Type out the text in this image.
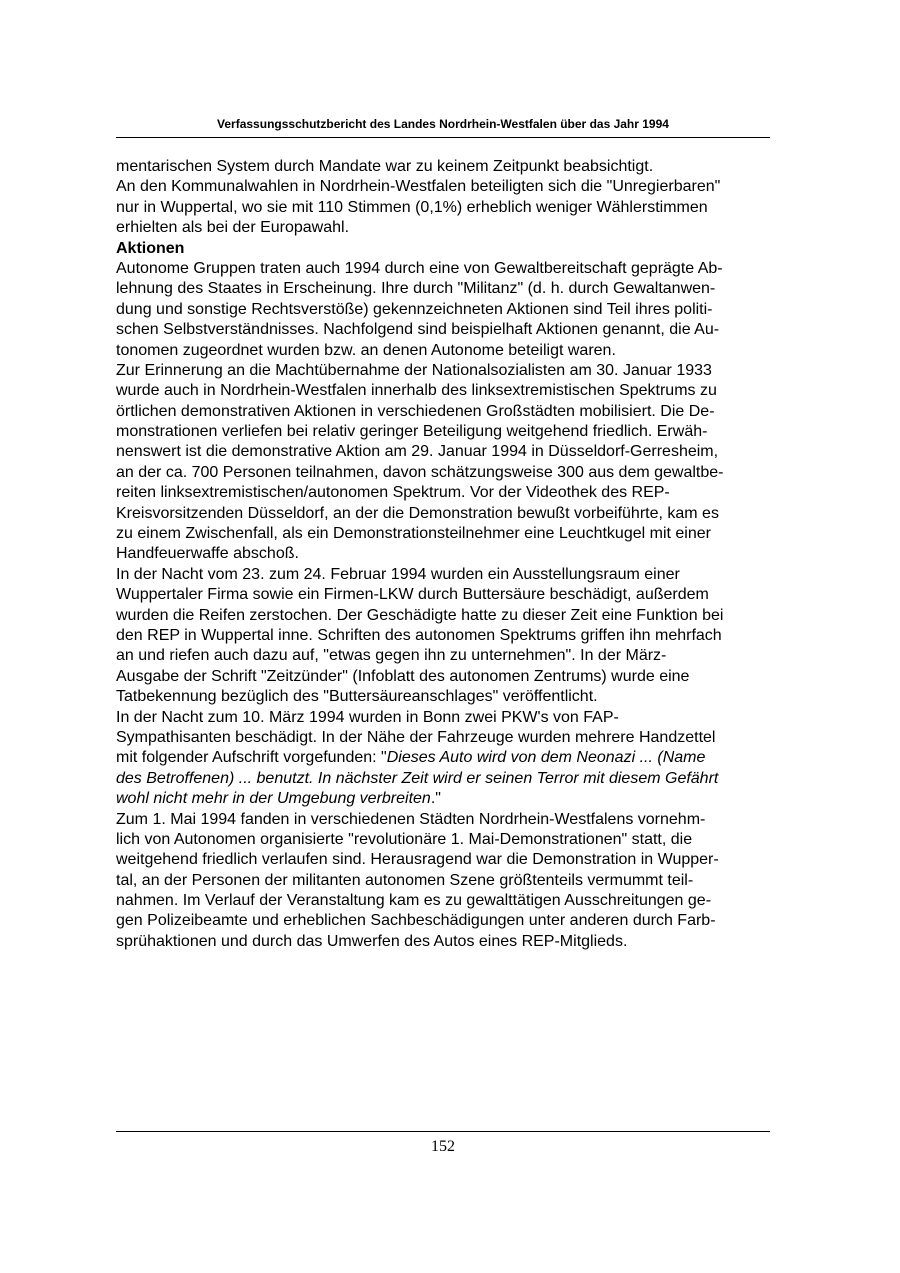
Verfassungsschutzbericht des Landes Nordrhein-Westfalen über das Jahr 1994
mentarischen System durch Mandate war zu keinem Zeitpunkt beabsichtigt.
An den Kommunalwahlen in Nordrhein-Westfalen beteiligten sich die "Unregierbaren"
nur in Wuppertal, wo sie mit 110 Stimmen (0,1%) erheblich weniger Wählerstimmen
erhielten als bei der Europawahl.
Aktionen
Autonome Gruppen traten auch 1994 durch eine von Gewaltbereitschaft geprägte Ab-
lehnung des Staates in Erscheinung. Ihre durch "Militanz" (d. h. durch Gewaltanwen-
dung und sonstige Rechtsverstöße) gekennzeichneten Aktionen sind Teil ihres politi-
schen Selbstverständnisses. Nachfolgend sind beispielhaft Aktionen genannt, die Au-
tonomen zugeordnet wurden bzw. an denen Autonome beteiligt waren.
Zur Erinnerung an die Machtübernahme der Nationalsozialisten am 30. Januar 1933
wurde auch in Nordrhein-Westfalen innerhalb des linksextremistischen Spektrums zu
örtlichen demonstrativen Aktionen in verschiedenen Großstädten mobilisiert. Die De-
monstrationen verliefen bei relativ geringer Beteiligung weitgehend friedlich. Erwäh-
nenswert ist die demonstrative Aktion am 29. Januar 1994 in Düsseldorf-Gerresheim,
an der ca. 700 Personen teilnahmen, davon schätzungsweise 300 aus dem gewaltbe-
reiten linksextremistischen/autonomen Spektrum. Vor der Videothek des REP-
Kreisvorsitzenden Düsseldorf, an der die Demonstration bewußt vorbeiführte, kam es
zu einem Zwischenfall, als ein Demonstrationsteilnehmer eine Leuchtkugel mit einer
Handfeuerwaffe abschoß.
In der Nacht vom 23. zum 24. Februar 1994 wurden ein Ausstellungsraum einer
Wuppertaler Firma sowie ein Firmen-LKW durch Buttersäure beschädigt, außerdem
wurden die Reifen zerstochen. Der Geschädigte hatte zu dieser Zeit eine Funktion bei
den REP in Wuppertal inne. Schriften des autonomen Spektrums griffen ihn mehrfach
an und riefen auch dazu auf, "etwas gegen ihn zu unternehmen". In der März-
Ausgabe der Schrift "Zeitzünder" (Infoblatt des autonomen Zentrums) wurde eine
Tatbekennung bezüglich des "Buttersäureanschlages" veröffentlicht.
In der Nacht zum 10. März 1994 wurden in Bonn zwei PKW's von FAP-
Sympathisanten beschädigt. In der Nähe der Fahrzeuge wurden mehrere Handzettel
mit folgender Aufschrift vorgefunden: "Dieses Auto wird von dem Neonazi ... (Name
des Betroffenen) ... benutzt. In nächster Zeit wird er seinen Terror mit diesem Gefährt
wohl nicht mehr in der Umgebung verbreiten."
Zum 1. Mai 1994 fanden in verschiedenen Städten Nordrhein-Westfalens vornehm-
lich von Autonomen organisierte "revolutionäre 1. Mai-Demonstrationen" statt, die
weitgehend friedlich verlaufen sind. Herausragend war die Demonstration in Wupper-
tal, an der Personen der militanten autonomen Szene größtenteils vermummt teil-
nahmen. Im Verlauf der Veranstaltung kam es zu gewalttätigen Ausschreitungen ge-
gen Polizeibeamte und erheblichen Sachbeschädigungen unter anderen durch Farb-
sprühaktionen und durch das Umwerfen des Autos eines REP-Mitglieds.
152
